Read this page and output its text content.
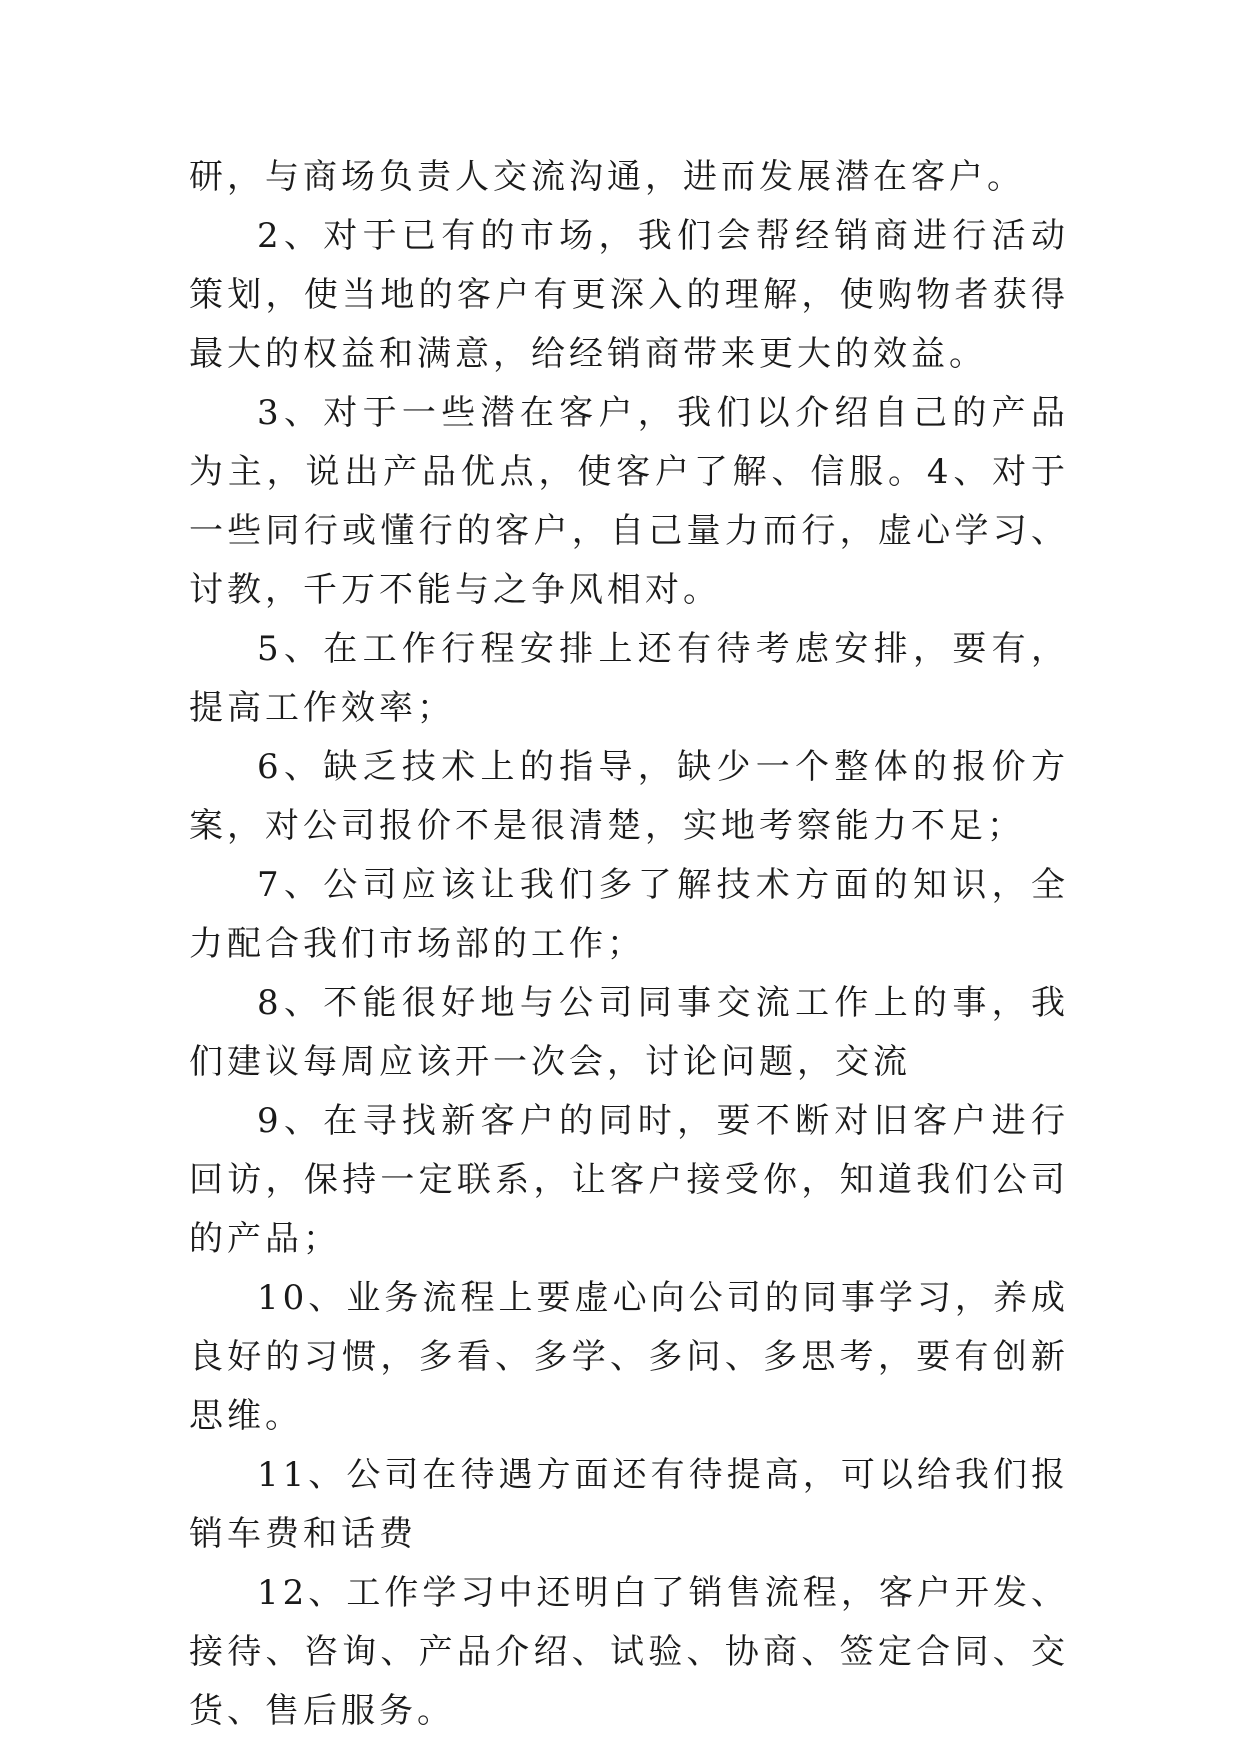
研，与商场负责人交流沟通，进而发展潜在客户。

2、对于已有的市场，我们会帮经销商进行活动策划，使当地的客户有更深入的理解，使购物者获得最大的权益和满意，给经销商带来更大的效益。

3、对于一些潜在客户，我们以介绍自己的产品为主，说出产品优点，使客户了解、信服。4、对于一些同行或懂行的客户，自己量力而行，虚心学习、讨教，千万不能与之争风相对。

5、在工作行程安排上还有待考虑安排，要有，提高工作效率；

6、缺乏技术上的指导，缺少一个整体的报价方案，对公司报价不是很清楚，实地考察能力不足；

7、公司应该让我们多了解技术方面的知识，全力配合我们市场部的工作；

8、不能很好地与公司同事交流工作上的事，我们建议每周应该开一次会，讨论问题，交流

9、在寻找新客户的同时，要不断对旧客户进行回访，保持一定联系，让客户接受你，知道我们公司的产品；

10、业务流程上要虚心向公司的同事学习，养成良好的习惯，多看、多学、多问、多思考，要有创新思维。

11、公司在待遇方面还有待提高，可以给我们报销车费和话费

12、工作学习中还明白了销售流程，客户开发、接待、咨询、产品介绍、试验、协商、签定合同、交货、售后服务。
